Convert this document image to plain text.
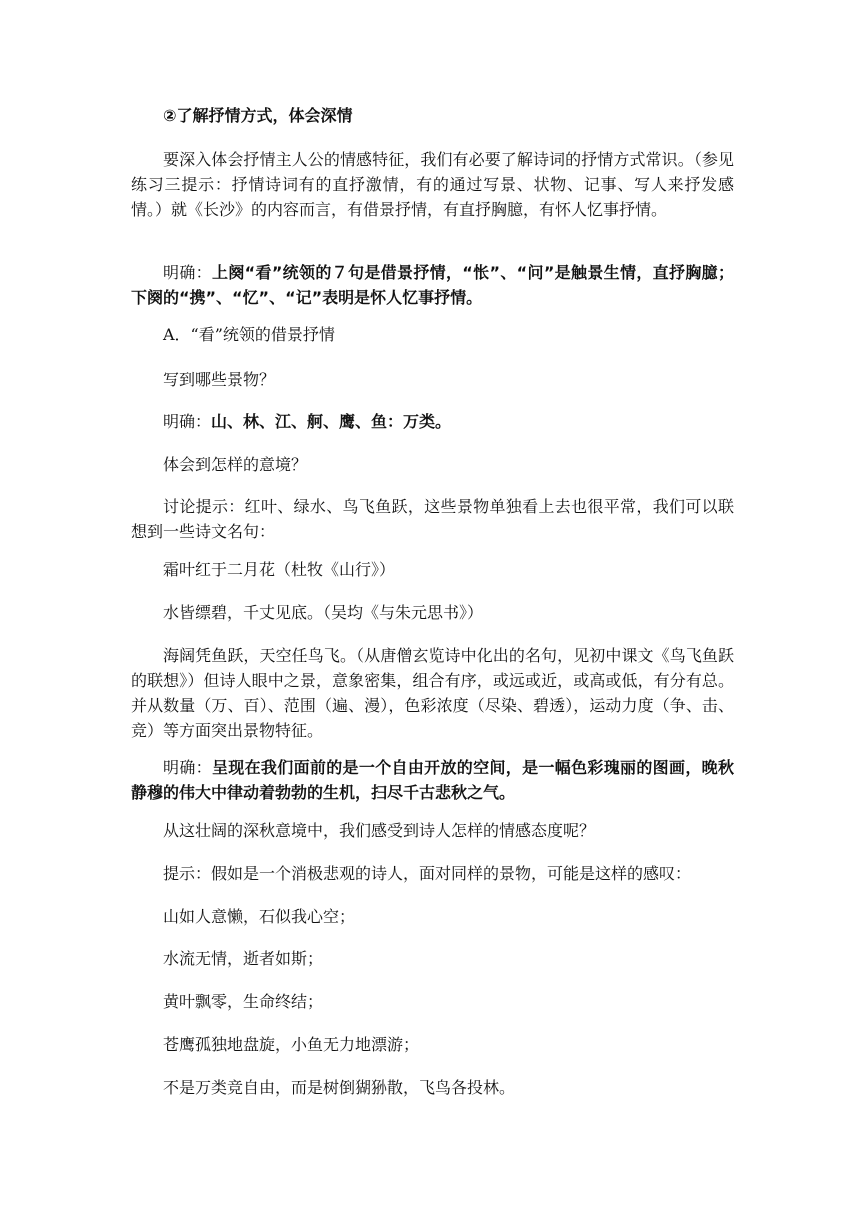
②了解抒情方式，体会深情

要深入体会抒情主人公的情感特征，我们有必要了解诗词的抒情方式常识。（参见练习三提示：抒情诗词有的直抒激情，有的通过写景、状物、记事、写人来抒发感情。）就《长沙》的内容而言，有借景抒情，有直抒胸臆，有怀人忆事抒情。

明确：上阕“看”统领的７句是借景抒情，“怅”、“问”是触景生情，直抒胸臆；下阕的“携”、“忆”、“记”表明是怀人忆事抒情。

A．“看”统领的借景抒情

写到哪些景物？

明确：山、林、江、舸、鹰、鱼：万类。

体会到怎样的意境？

讨论提示：红叶、绿水、鸟飞鱼跃，这些景物单独看上去也很平常，我们可以联想到一些诗文名句：

霜叶红于二月花（杜牧《山行》）

水皆缥碧，千丈见底。（吴均《与朱元思书》）

海阔凭鱼跃，天空任鸟飞。（从唐僧玄览诗中化出的名句，见初中课文《鸟飞鱼跃的联想》）但诗人眼中之景，意象密集，组合有序，或远或近，或高或低，有分有总。并从数量（万、百）、范围（遍、漫），色彩浓度（尽染、碧透），运动力度（争、击、竞）等方面突出景物特征。

明确：呈现在我们面前的是一个自由开放的空间，是一幅色彩瑰丽的图画，晚秋静穆的伟大中律动着勃勃的生机，扫尽千古悲秋之气。

从这壮阔的深秋意境中，我们感受到诗人怎样的情感态度呢？

提示：假如是一个消极悲观的诗人，面对同样的景物，可能是这样的感叹：

山如人意懒，石似我心空；

水流无情，逝者如斯；

黄叶飘零，生命终结；

苍鹰孤独地盘旋，小鱼无力地漂游；

不是万类竞自由，而是树倒猢狲散，飞鸟各投林。
